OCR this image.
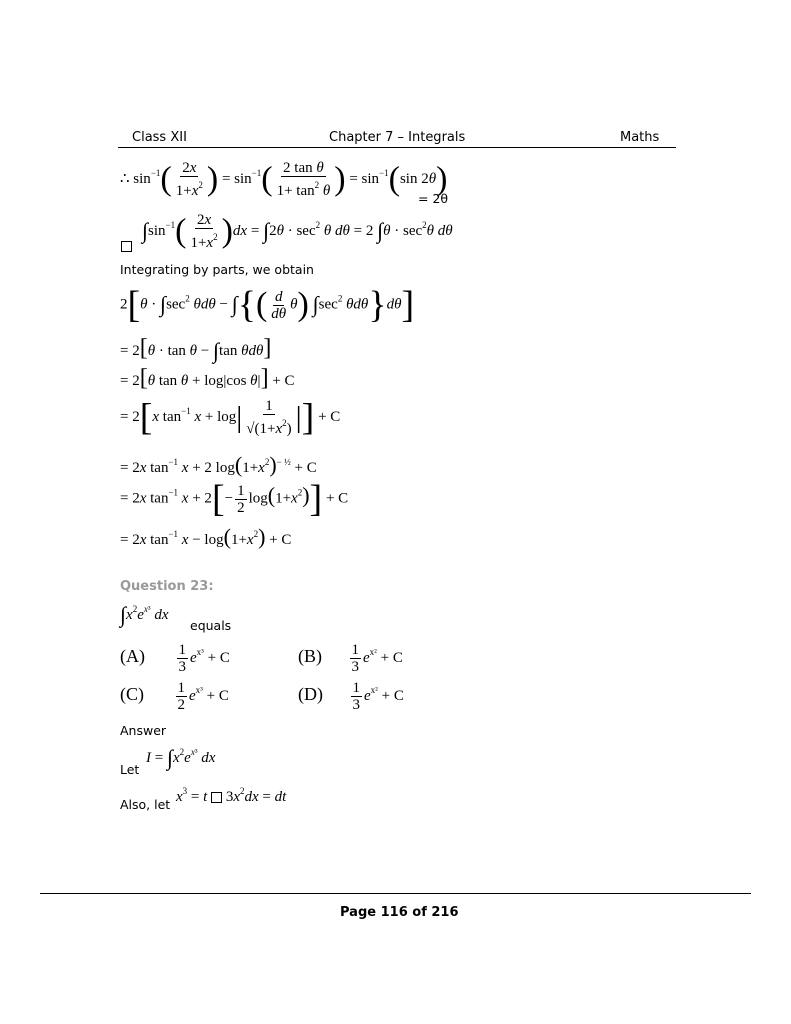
Class XII	Chapter 7 – Integrals	Maths
∴ $\sin^{-1}( \frac{2x}{1+x^2}$ ) = $\sin^{-1}( \frac{\text{2 tan θ}}{1+ \tan^2 \theta}$ ) = $\sin^{-1}(\sin$ 2θ)
= 2θ
$\int\sin^{-1}( \frac{2x}{1+x^2} )dx = \int 2\theta \cdot \sec^2 \theta$ dθ = 2 $\int\theta \cdot \sec^2\theta$ dθ
Integrating by parts, we obtain
$2[\theta \cdot \int\sec^2$ θdθ − ∫{( $\frac{d}{d\theta} \theta$) $\int\sec^2$ θdθ}dθ]
= 2[θ · tan θ − ∫tan θdθ]
= 2[θ tan θ + log|cos θ|] + C
= 2[x $\tan^{-1} x + \log| \frac{1}{√(1+x^2)}$ |] + C
= 2x $\tan^{-1} x + 2$ $\log(1+x^2)^{- \frac{1}{2}} + C$
= 2x $\tan^{-1} x + 2[- \frac{1}{2} \log(1+x^2)] + C$
= 2x $\tan^{-1} x - \log(1+x^2) + C$
Question 23:
$\int x^2e^{x^3}$ dx
equals
$(A) \frac{1}{3} e^{x^3} + C$	$(B) \frac{1}{3} e^{x^2} + C$
$(C) \frac{1}{2} e^{x^3} + C$	$(D) \frac{1}{3} e^{x^2} + C$
Answer
Let
$I = \int x^2e^{x^3}$ dx
Also, let $x^3 = t$  $3x^2dx$ = dt
Page 116 of 216
